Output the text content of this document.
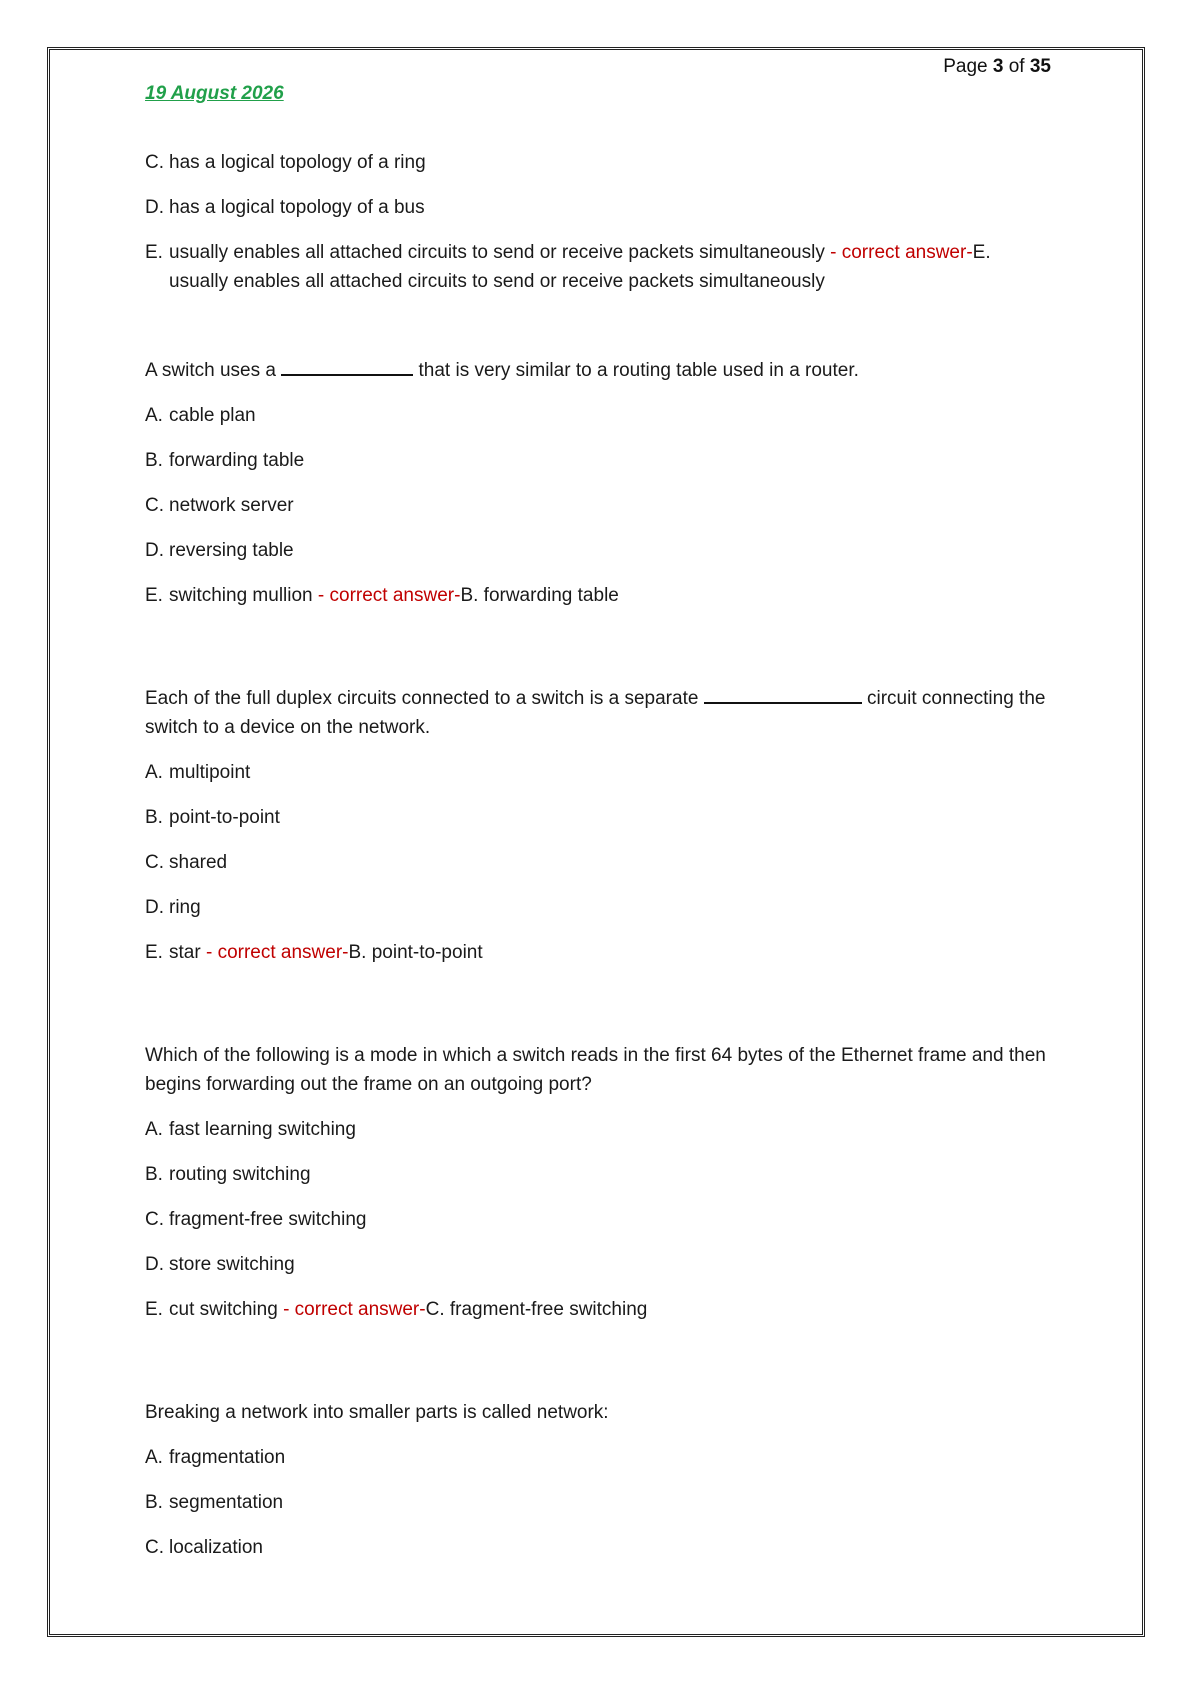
Page 3 of 35
19 August 2026
C. has a logical topology of a ring
D. has a logical topology of a bus
E. usually enables all attached circuits to send or receive packets simultaneously - correct answer-E. usually enables all attached circuits to send or receive packets simultaneously
A switch uses a	that is very similar to a routing table used in a router.
A. cable plan
B. forwarding table
C. network server
D. reversing table
E. switching mullion - correct answer-B. forwarding table
Each of the full duplex circuits connected to a switch is a separate	circuit connecting the switch to a device on the network.
A. multipoint
B. point-to-point
C. shared
D. ring
E. star - correct answer-B. point-to-point
Which of the following is a mode in which a switch reads in the first 64 bytes of the Ethernet frame and then begins forwarding out the frame on an outgoing port?
A. fast learning switching
B. routing switching
C. fragment-free switching
D. store switching
E. cut switching - correct answer-C. fragment-free switching
Breaking a network into smaller parts is called network:
A. fragmentation
B. segmentation
C. localization
